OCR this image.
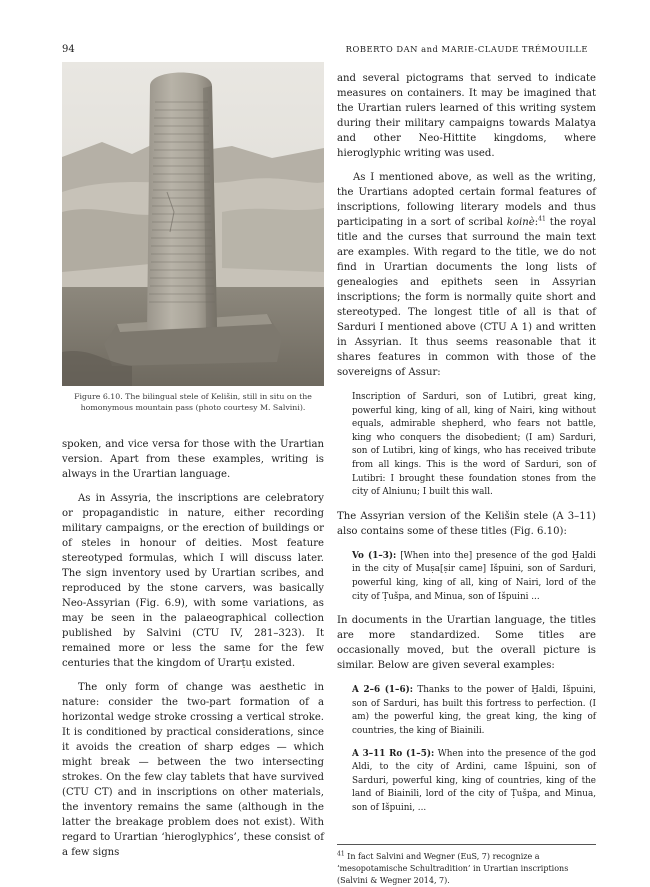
94	ROBERTO DAN and MARIE-CLAUDE TRÉMOUILLE
Figure 6.10. The bilingual stele of Kelišin, still in situ on the homonymous mountain pass (photo courtesy M. Salvini).

spoken, and vice versa for those with the Urartian version. Apart from these examples, writing is always in the Urartian language.

As in Assyria, the inscriptions are celebratory or propagandistic in nature, either recording military campaigns, or the erection of buildings or of steles in honour of deities. Most feature stereotyped formulas, which I will discuss later. The sign inventory used by Urartian scribes, and reproduced by the stone carvers, was basically Neo-Assyrian (Fig. 6.9), with some variations, as may be seen in the palaeographical collection published by Salvini (CTU IV, 281–323). It remained more or less the same for the few centuries that the kingdom of Urarṭu existed.

The only form of change was aesthetic in nature: consider the two-part formation of a horizontal wedge stroke crossing a vertical stroke. It is conditioned by practical considerations, since it avoids the creation of sharp edges — which might break — between the two intersecting strokes. On the few clay tablets that have survived (CTU CT) and in inscriptions on other materials, the inventory remains the same (although in the latter the breakage problem does not exist). With regard to Urartian ‘hieroglyphics’, these consist of a few signs

and several pictograms that served to indicate measures on containers. It may be imagined that the Urartian rulers learned of this writing system during their military campaigns towards Malatya and other Neo-Hittite kingdoms, where hieroglyphic writing was used.

As I mentioned above, as well as the writing, the Urartians adopted certain formal features of inscriptions, following literary models and thus participating in a sort of scribal koinè:$^{41}$ the royal title and the curses that surround the main text are examples. With regard to the title, we do not find in Urartian documents the long lists of genealogies and epithets seen in Assyrian inscriptions; the form is normally quite short and stereotyped. The longest title of all is that of Sarduri I mentioned above (CTU A 1) and written in Assyrian. It thus seems reasonable that it shares features in common with those of the sovereigns of Assur:

Inscription of Sarduri, son of Lutibri, great king, powerful king, king of all, king of Nairi, king without equals, admirable shepherd, who fears not battle, king who conquers the disobedient; (I am) Sarduri, son of Lutibri, king of kings, who has received tribute from all kings. This is the word of Sarduri, son of Lutibri: I brought these foundation stones from the city of Alniunu; I built this wall.

The Assyrian version of the Kelišin stele (A 3–11) also contains some of these titles (Fig. 6.10):

Vo (1–3): [When into the] presence of the god Ḫaldi in the city of Muṣa[ṣir came] Išpuini, son of Sarduri, powerful king, king of all, king of Nairi, lord of the city of Ṭušpa, and Minua, son of Išpuini ...

In documents in the Urartian language, the titles are more standardized. Some titles are occasionally moved, but the overall picture is similar. Below are given several examples:

A 2–6 (1–6): Thanks to the power of Ḫaldi, Išpuini, son of Sarduri, has built this fortress to perfection. (I am) the powerful king, the great king, the king of countries, the king of Biainili.

A 3–11 Ro (1–5): When into the presence of the god Aldi, to the city of Ardini, came Išpuini, son of Sarduri, powerful king, king of countries, king of the land of Biainili, lord of the city of Ṭušpa, and Minua, son of Išpuini, ...

$^{41}$ In fact Salvini and Wegner (EuS, 7) recognize a ‘mesopotamische Schultradition’ in Urartian inscriptions (Salvini & Wegner 2014, 7).
